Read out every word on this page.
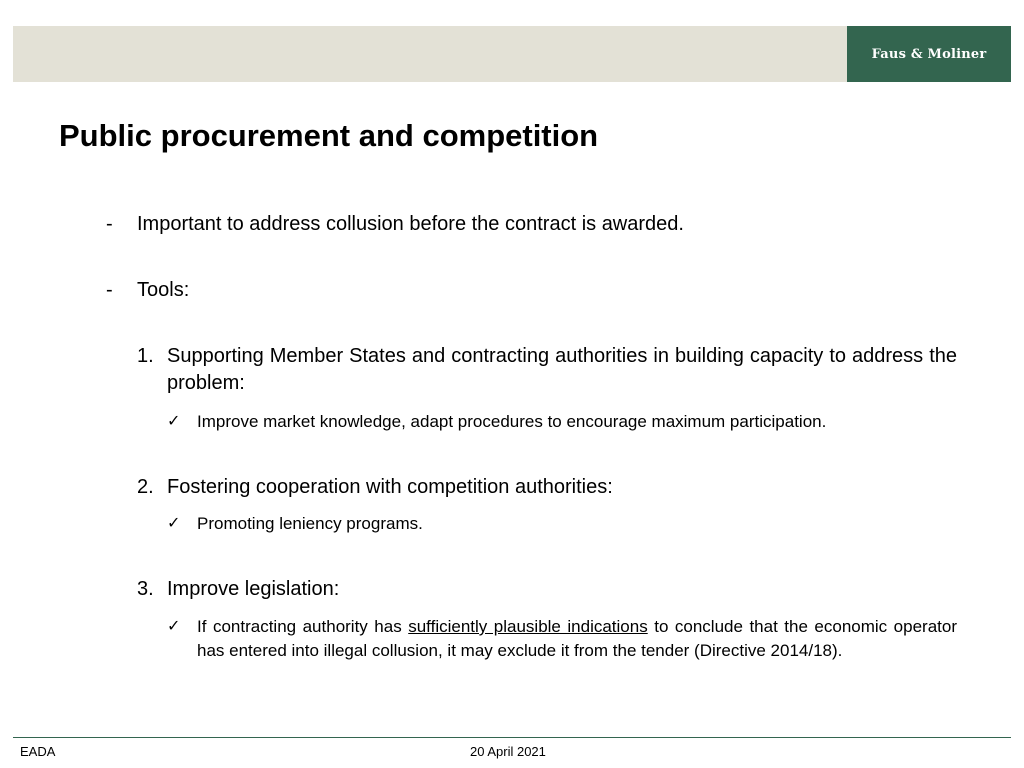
Faus & Moliner
Public procurement and competition
-	Important to address collusion before the contract is awarded.
-	Tools:
1. Supporting Member States and contracting authorities in building capacity to address the problem:
✓ Improve market knowledge, adapt procedures to encourage maximum participation.
2. Fostering cooperation with competition authorities:
✓ Promoting leniency programs.
3. Improve legislation:
✓ If contracting authority has sufficiently plausible indications to conclude that the economic operator has entered into illegal collusion, it may exclude it from the tender (Directive 2014/18).
EADA	20 April 2021
